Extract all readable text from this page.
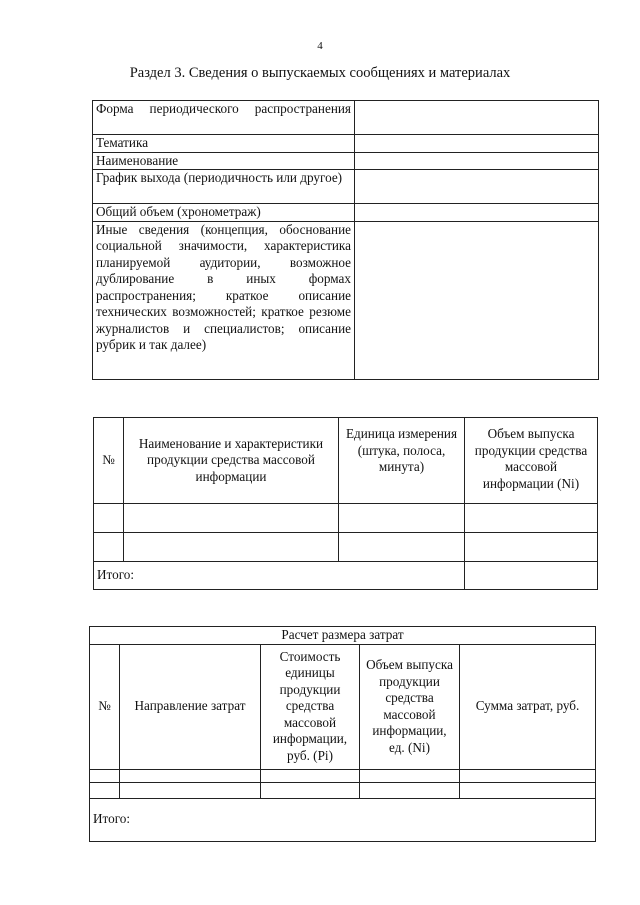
4
Раздел 3. Сведения о выпускаемых сообщениях и материалах
Форма периодического распространения	
Тематика	
Наименование	
График выхода (периодичность или другое)	
Общий объем (хронометраж)	
Иные сведения (концепция, обоснование социальной значимости, характеристика планируемой аудитории, возможное дублирование в иных формах распространения; краткое описание технических возможностей; краткое резюме журналистов и специалистов; описание рубрик и так далее)	
№	Наименование и характеристики продукции средства массовой информации	Единица измерения (штука, полоса, минута)	Объем выпуска продукции средства массовой информации (Ni)

Итого:			
Расчет размера затрат				
№	Направление затрат	Стоимость единицы продукции средства массовой информации, руб. (Pi)	Объем выпуска продукции средства массовой информации, ед. (Ni)	Сумма затрат, руб.

Итого:				
